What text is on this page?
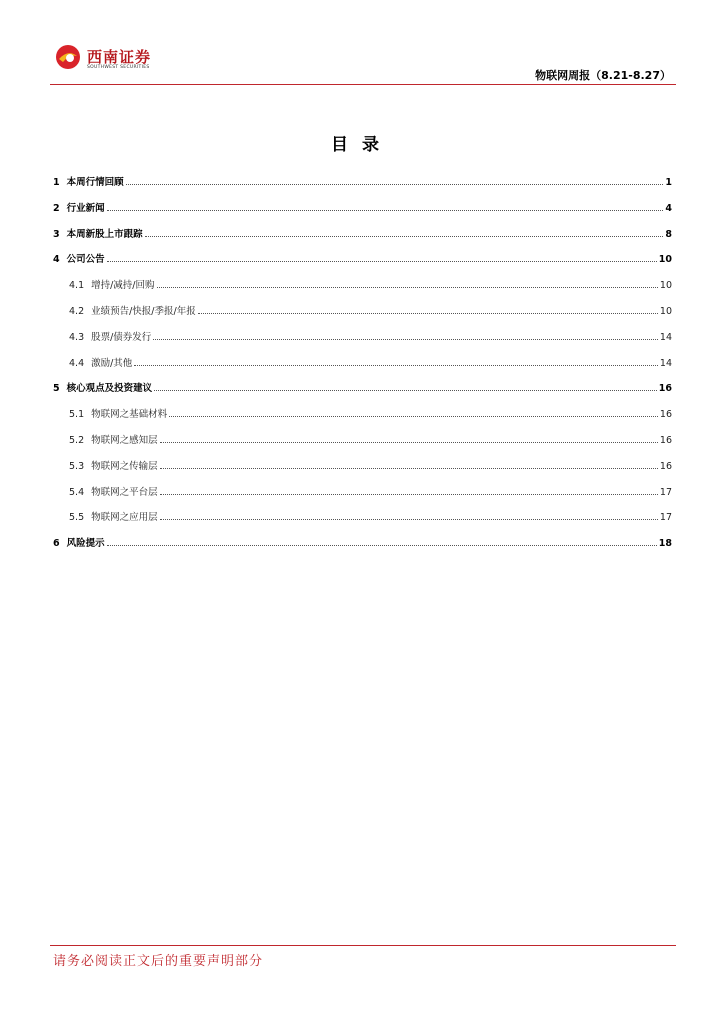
西南证券
SOUTHWEST SECURITIES
物联网周报（8.21-8.27）
目录
1 本周行情回顾	1
2 行业新闻	4
3 本周新股上市跟踪	8
4 公司公告	10
4.1 增持/减持/回购	10
4.2 业绩预告/快报/季报/年报	10
4.3 股票/债券发行	14
4.4 激励/其他	14
5 核心观点及投资建议	16
5.1 物联网之基础材料	16
5.2 物联网之感知层	16
5.3 物联网之传输层	16
5.4 物联网之平台层	17
5.5 物联网之应用层	17
6 风险提示	18
请务必阅读正文后的重要声明部分
